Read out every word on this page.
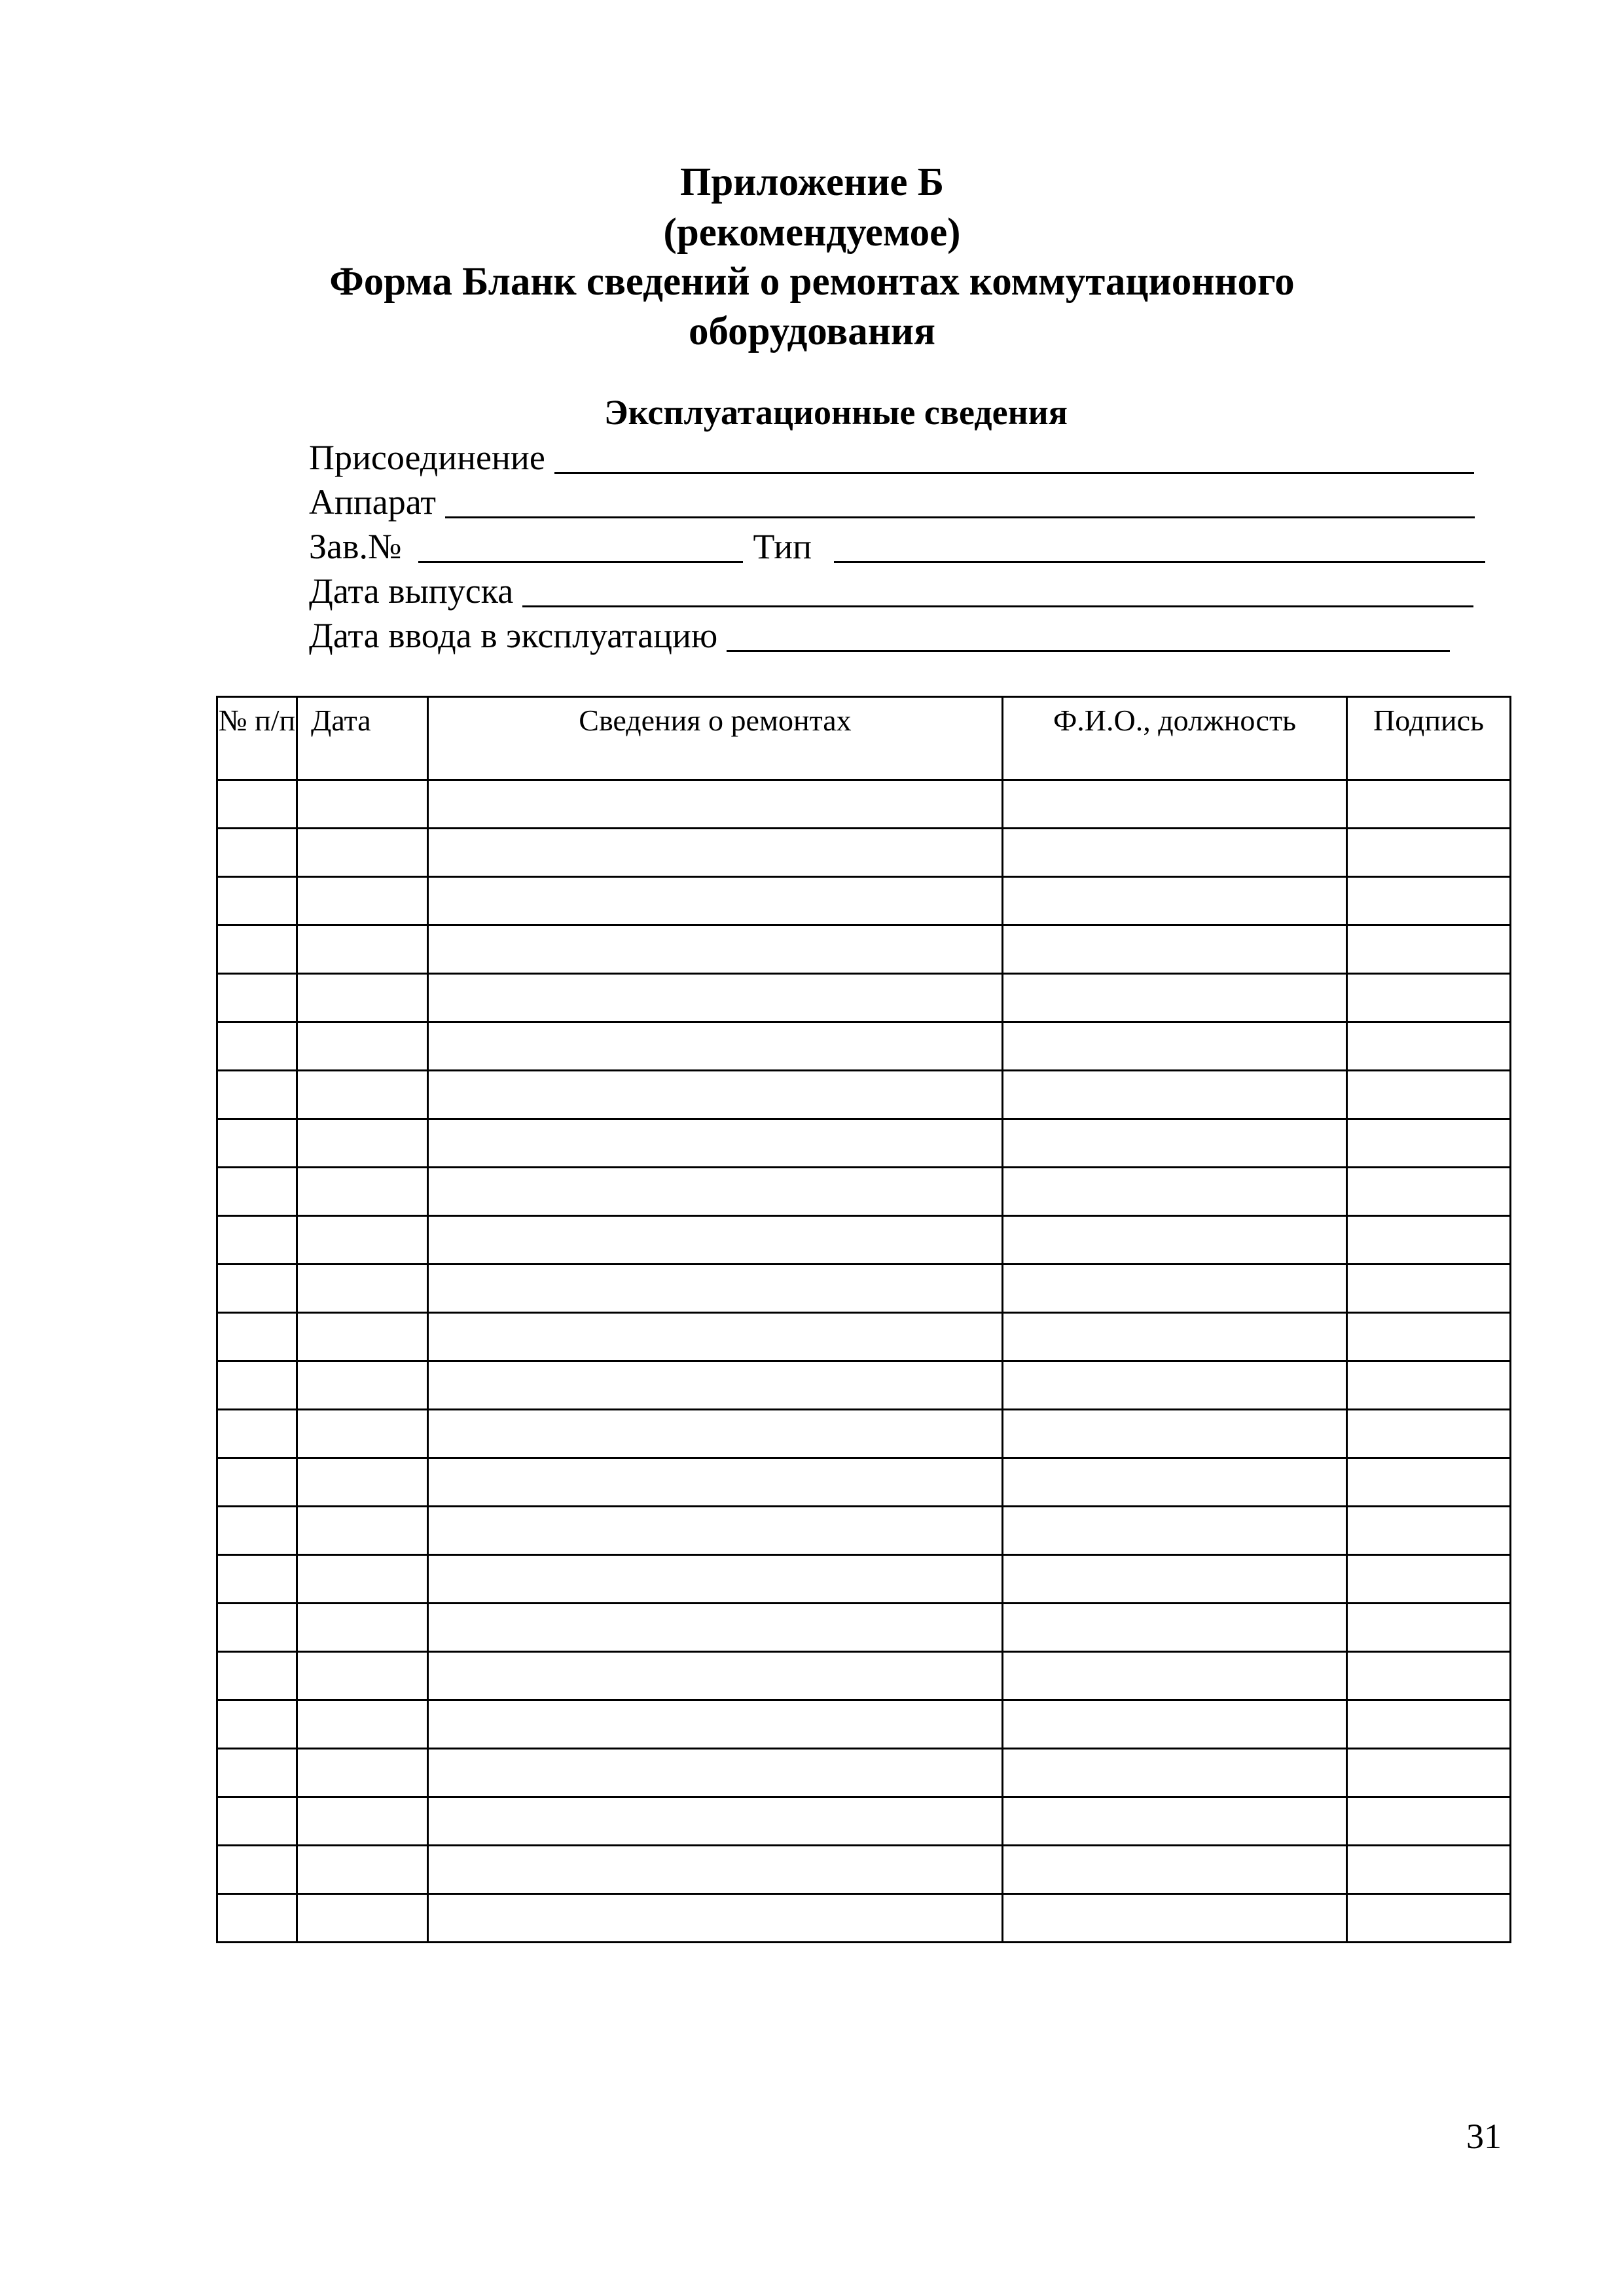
Приложение Б
(рекомендуемое)
Форма Бланк сведений о ремонтах коммутационного
оборудования
Эксплуатационные сведения
Присоединение
Аппарат
Зав.№	Тип
Дата выпуска
Дата ввода в эксплуатацию
№ п/п	Дата	Сведения о ремонтах	Ф.И.О., должность	Подпись

31
